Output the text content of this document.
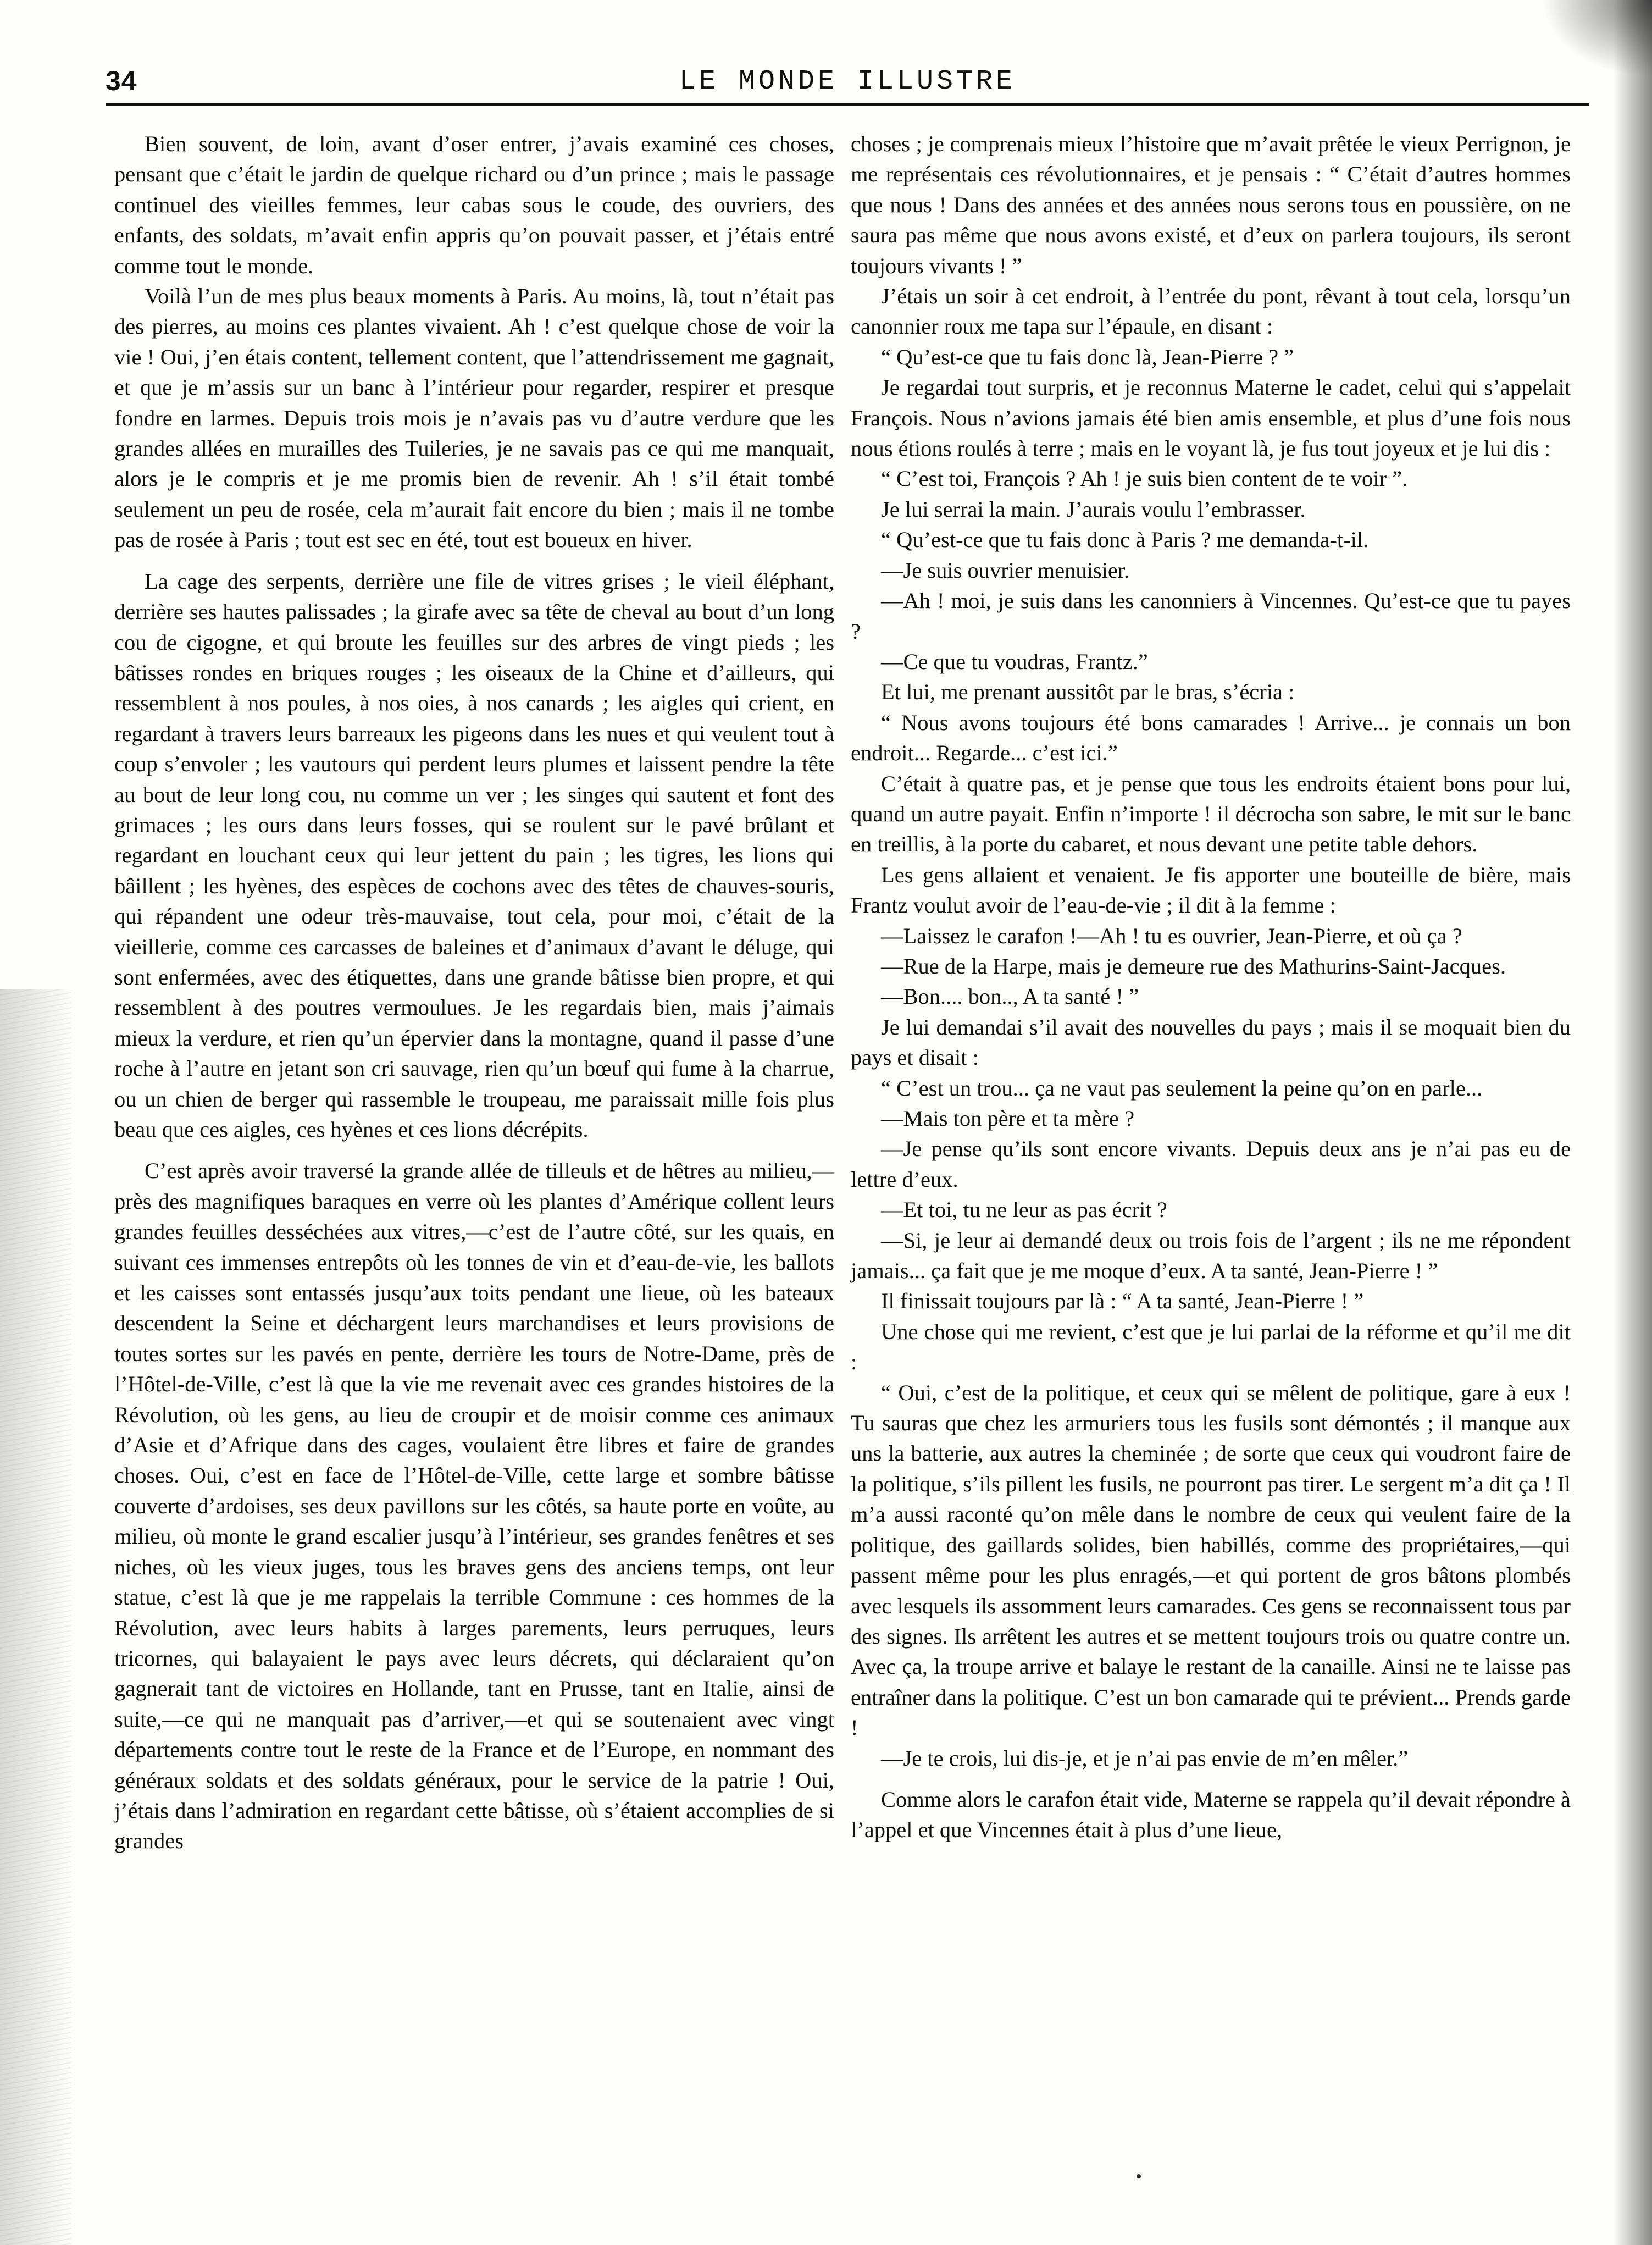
34	LE MONDE ILLUSTRE

Bien souvent, de loin, avant d’oser entrer, j’avais examiné ces choses, pensant que c’était le jardin de quelque richard ou d’un prince ; mais le passage continuel des vieilles femmes, leur cabas sous le coude, des ouvriers, des enfants, des soldats, m’avait enfin appris qu’on pouvait passer, et j’étais entré comme tout le monde.

Voilà l’un de mes plus beaux moments à Paris. Au moins, là, tout n’était pas des pierres, au moins ces plantes vivaient. Ah ! c’est quelque chose de voir la vie ! Oui, j’en étais content, tellement content, que l’attendrissement me gagnait, et que je m’assis sur un banc à l’intérieur pour regarder, respirer et presque fondre en larmes. Depuis trois mois je n’avais pas vu d’autre verdure que les grandes allées en murailles des Tuileries, je ne savais pas ce qui me manquait, alors je le compris et je me promis bien de revenir. Ah ! s’il était tombé seulement un peu de rosée, cela m’aurait fait encore du bien ; mais il ne tombe pas de rosée à Paris ; tout est sec en été, tout est boueux en hiver.

La cage des serpents, derrière une file de vitres grises ; le vieil éléphant, derrière ses hautes palissades ; la girafe avec sa tête de cheval au bout d’un long cou de cigogne, et qui broute les feuilles sur des arbres de vingt pieds ; les bâtisses rondes en briques rouges ; les oiseaux de la Chine et d’ailleurs, qui ressemblent à nos poules, à nos oies, à nos canards ; les aigles qui crient, en regardant à travers leurs barreaux les pigeons dans les nues et qui veulent tout à coup s’envoler ; les vautours qui perdent leurs plumes et laissent pendre la tête au bout de leur long cou, nu comme un ver ; les singes qui sautent et font des grimaces ; les ours dans leurs fosses, qui se roulent sur le pavé brûlant et regardant en louchant ceux qui leur jettent du pain ; les tigres, les lions qui bâillent ; les hyènes, des espèces de cochons avec des têtes de chauves-souris, qui répandent une odeur très-mauvaise, tout cela, pour moi, c’était de la vieillerie, comme ces carcasses de baleines et d’animaux d’avant le déluge, qui sont enfermées, avec des étiquettes, dans une grande bâtisse bien propre, et qui ressemblent à des poutres vermoulues. Je les regardais bien, mais j’aimais mieux la verdure, et rien qu’un épervier dans la montagne, quand il passe d’une roche à l’autre en jetant son cri sauvage, rien qu’un bœuf qui fume à la charrue, ou un chien de berger qui rassemble le troupeau, me paraissait mille fois plus beau que ces aigles, ces hyènes et ces lions décrépits.

C’est après avoir traversé la grande allée de tilleuls et de hêtres au milieu,—près des magnifiques baraques en verre où les plantes d’Amérique collent leurs grandes feuilles desséchées aux vitres,—c’est de l’autre côté, sur les quais, en suivant ces immenses entrepôts où les tonnes de vin et d’eau-de-vie, les ballots et les caisses sont entassés jusqu’aux toits pendant une lieue, où les bateaux descendent la Seine et déchargent leurs marchandises et leurs provisions de toutes sortes sur les pavés en pente, derrière les tours de Notre-Dame, près de l’Hôtel-de-Ville, c’est là que la vie me revenait avec ces grandes histoires de la Révolution, où les gens, au lieu de croupir et de moisir comme ces animaux d’Asie et d’Afrique dans des cages, voulaient être libres et faire de grandes choses. Oui, c’est en face de l’Hôtel-de-Ville, cette large et sombre bâtisse couverte d’ardoises, ses deux pavillons sur les côtés, sa haute porte en voûte, au milieu, où monte le grand escalier jusqu’à l’intérieur, ses grandes fenêtres et ses niches, où les vieux juges, tous les braves gens des anciens temps, ont leur statue, c’est là que je me rappelais la terrible Commune : ces hommes de la Révolution, avec leurs habits à larges parements, leurs perruques, leurs tricornes, qui balayaient le pays avec leurs décrets, qui déclaraient qu’on gagnerait tant de victoires en Hollande, tant en Prusse, tant en Italie, ainsi de suite,—ce qui ne manquait pas d’arriver,—et qui se soutenaient avec vingt départements contre tout le reste de la France et de l’Europe, en nommant des généraux soldats et des soldats généraux, pour le service de la patrie ! Oui, j’étais dans l’admiration en regardant cette bâtisse, où s’étaient accomplies de si grandes

choses ; je comprenais mieux l’histoire que m’avait prêtée le vieux Perrignon, je me représentais ces révolutionnaires, et je pensais : “ C’était d’autres hommes que nous ! Dans des années et des années nous serons tous en poussière, on ne saura pas même que nous avons existé, et d’eux on parlera toujours, ils seront toujours vivants ! ”

J’étais un soir à cet endroit, à l’entrée du pont, rêvant à tout cela, lorsqu’un canonnier roux me tapa sur l’épaule, en disant :

“ Qu’est-ce que tu fais donc là, Jean-Pierre ? ”

Je regardai tout surpris, et je reconnus Materne le cadet, celui qui s’appelait François. Nous n’avions jamais été bien amis ensemble, et plus d’une fois nous nous étions roulés à terre ; mais en le voyant là, je fus tout joyeux et je lui dis :

“ C’est toi, François ? Ah ! je suis bien content de te voir ”.

Je lui serrai la main. J’aurais voulu l’embrasser.

“ Qu’est-ce que tu fais donc à Paris ? me demanda-t-il.

—Je suis ouvrier menuisier.

—Ah ! moi, je suis dans les canonniers à Vincennes. Qu’est-ce que tu payes ?

—Ce que tu voudras, Frantz.”

Et lui, me prenant aussitôt par le bras, s’écria :

“ Nous avons toujours été bons camarades ! Arrive... je connais un bon endroit... Regarde... c’est ici.”

C’était à quatre pas, et je pense que tous les endroits étaient bons pour lui, quand un autre payait. Enfin n’importe ! il décrocha son sabre, le mit sur le banc en treillis, à la porte du cabaret, et nous devant une petite table dehors.

Les gens allaient et venaient. Je fis apporter une bouteille de bière, mais Frantz voulut avoir de l’eau-de-vie ; il dit à la femme :

—Laissez le carafon !—Ah ! tu es ouvrier, Jean-Pierre, et où ça ?

—Rue de la Harpe, mais je demeure rue des Mathurins-Saint-Jacques.

—Bon.... bon.., A ta santé ! ”

Je lui demandai s’il avait des nouvelles du pays ; mais il se moquait bien du pays et disait :

“ C’est un trou... ça ne vaut pas seulement la peine qu’on en parle...

—Mais ton père et ta mère ?

—Je pense qu’ils sont encore vivants. Depuis deux ans je n’ai pas eu de lettre d’eux.

—Et toi, tu ne leur as pas écrit ?

—Si, je leur ai demandé deux ou trois fois de l’argent ; ils ne me répondent jamais... ça fait que je me moque d’eux. A ta santé, Jean-Pierre ! ”

Il finissait toujours par là : “ A ta santé, Jean-Pierre ! ”

Une chose qui me revient, c’est que je lui parlai de la réforme et qu’il me dit :

“ Oui, c’est de la politique, et ceux qui se mêlent de politique, gare à eux ! Tu sauras que chez les armuriers tous les fusils sont démontés ; il manque aux uns la batterie, aux autres la cheminée ; de sorte que ceux qui voudront faire de la politique, s’ils pillent les fusils, ne pourront pas tirer. Le sergent m’a dit ça ! Il m’a aussi raconté qu’on mêle dans le nombre de ceux qui veulent faire de la politique, des gaillards solides, bien habillés, comme des propriétaires,—qui passent même pour les plus enragés,—et qui portent de gros bâtons plombés avec lesquels ils assomment leurs camarades. Ces gens se reconnaissent tous par des signes. Ils arrêtent les autres et se mettent toujours trois ou quatre contre un. Avec ça, la troupe arrive et balaye le restant de la canaille. Ainsi ne te laisse pas entraîner dans la politique. C’est un bon camarade qui te prévient... Prends garde !

—Je te crois, lui dis-je, et je n’ai pas envie de m’en mêler.”

Comme alors le carafon était vide, Materne se rappela qu’il devait répondre à l’appel et que Vincennes était à plus d’une lieue,
